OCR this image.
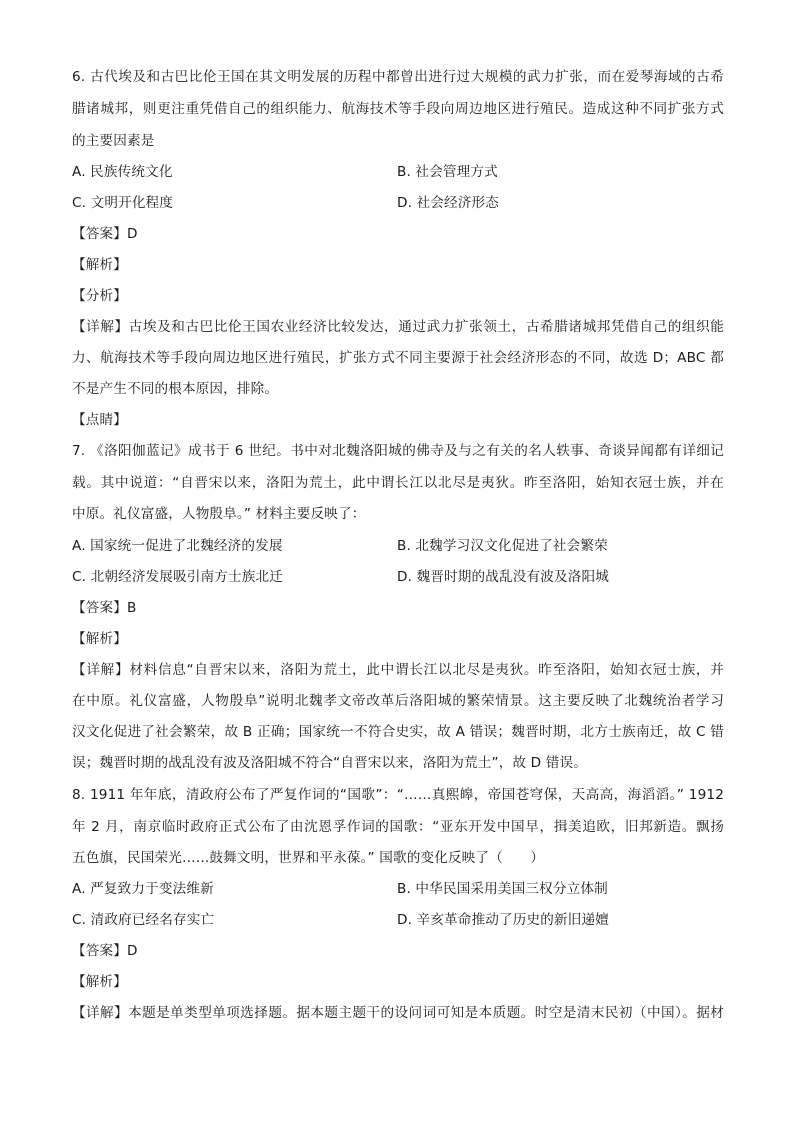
6. 古代埃及和古巴比伦王国在其文明发展的历程中都曾出进行过大规模的武力扩张，而在爱琴海域的古希
腊诸城邦，则更注重凭借自己的组织能力、航海技术等手段向周边地区进行殖民。造成这种不同扩张方式
的主要因素是
A. 民族传统文化	B. 社会管理方式
C. 文明开化程度	D. 社会经济形态
【答案】D
【解析】
【分析】
【详解】古埃及和古巴比伦王国农业经济比较发达，通过武力扩张领土，古希腊诸城邦凭借自己的组织能
力、航海技术等手段向周边地区进行殖民，扩张方式不同主要源于社会经济形态的不同，故选 D；ABC 都
不是产生不同的根本原因，排除。
【点睛】
7. 《洛阳伽蓝记》成书于 6 世纪。书中对北魏洛阳城的佛寺及与之有关的名人轶事、奇谈异闻都有详细记
载。其中说道：“自晋宋以来，洛阳为荒土，此中谓长江以北尽是夷狄。昨至洛阳，始知衣冠士族，并在
中原。礼仪富盛，人物殷阜。” 材料主要反映了：
A. 国家统一促进了北魏经济的发展	B. 北魏学习汉文化促进了社会繁荣
C. 北朝经济发展吸引南方士族北迁	D. 魏晋时期的战乱没有波及洛阳城
【答案】B
【解析】
【详解】材料信息“自晋宋以来，洛阳为荒土，此中谓长江以北尽是夷狄。昨至洛阳，始知衣冠士族，并
在中原。礼仪富盛，人物殷阜”说明北魏孝文帝改革后洛阳城的繁荣情景。这主要反映了北魏统治者学习
汉文化促进了社会繁荣，故 B 正确；国家统一不符合史实，故 A 错误；魏晋时期，北方士族南迁，故 C 错
误；魏晋时期的战乱没有波及洛阳城不符合“自晋宋以来，洛阳为荒土”，故 D 错误。
8. 1911 年年底，清政府公布了严复作词的“国歌”：“……真熙皞，帝国苍穹保，天高高，海滔滔。” 1912
年 2 月，南京临时政府正式公布了由沈恩孚作词的国歌：“亚东开发中国早，揖美追欧，旧邦新造。飘扬
五色旗，民国荣光……鼓舞文明，世界和平永葆。” 国歌的变化反映了（　　）
A. 严复致力于变法维新	B. 中华民国采用美国三权分立体制
C. 清政府已经名存实亡	D. 辛亥革命推动了历史的新旧递嬗
【答案】D
【解析】
【详解】本题是单类型单项选择题。据本题主题干的设问词可知是本质题。时空是清末民初（中国）。据材
